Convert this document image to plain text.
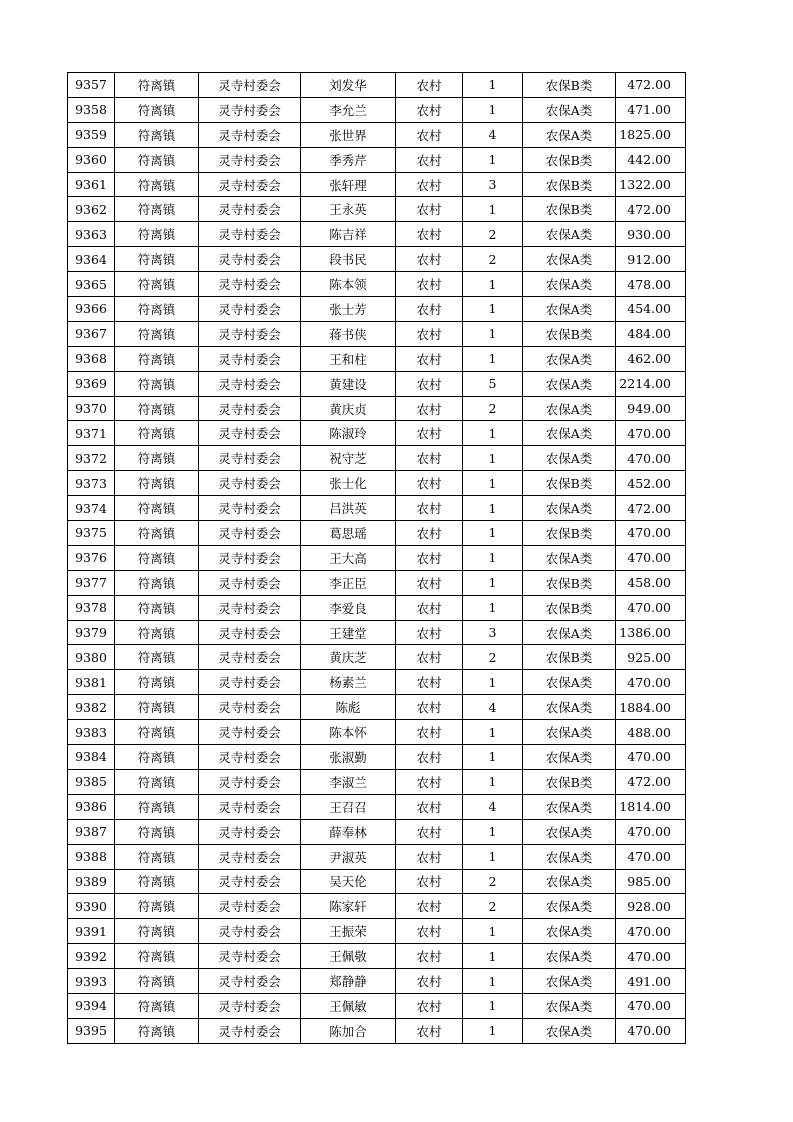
9357	符离镇	灵寺村委会	刘发华	农村	1	农保B类	472.00
9358	符离镇	灵寺村委会	李允兰	农村	1	农保A类	471.00
9359	符离镇	灵寺村委会	张世界	农村	4	农保A类	1825.00
9360	符离镇	灵寺村委会	季秀芹	农村	1	农保B类	442.00
9361	符离镇	灵寺村委会	张轩理	农村	3	农保B类	1322.00
9362	符离镇	灵寺村委会	王永英	农村	1	农保B类	472.00
9363	符离镇	灵寺村委会	陈吉祥	农村	2	农保A类	930.00
9364	符离镇	灵寺村委会	段书民	农村	2	农保A类	912.00
9365	符离镇	灵寺村委会	陈本领	农村	1	农保A类	478.00
9366	符离镇	灵寺村委会	张士芳	农村	1	农保A类	454.00
9367	符离镇	灵寺村委会	蒋书侠	农村	1	农保B类	484.00
9368	符离镇	灵寺村委会	王和柱	农村	1	农保A类	462.00
9369	符离镇	灵寺村委会	黄建设	农村	5	农保A类	2214.00
9370	符离镇	灵寺村委会	黄庆贞	农村	2	农保A类	949.00
9371	符离镇	灵寺村委会	陈淑玲	农村	1	农保A类	470.00
9372	符离镇	灵寺村委会	祝守芝	农村	1	农保A类	470.00
9373	符离镇	灵寺村委会	张士化	农村	1	农保B类	452.00
9374	符离镇	灵寺村委会	吕洪英	农村	1	农保A类	472.00
9375	符离镇	灵寺村委会	葛思瑶	农村	1	农保B类	470.00
9376	符离镇	灵寺村委会	王大高	农村	1	农保A类	470.00
9377	符离镇	灵寺村委会	李正臣	农村	1	农保B类	458.00
9378	符离镇	灵寺村委会	李爱良	农村	1	农保B类	470.00
9379	符离镇	灵寺村委会	王建堂	农村	3	农保A类	1386.00
9380	符离镇	灵寺村委会	黄庆芝	农村	2	农保B类	925.00
9381	符离镇	灵寺村委会	杨素兰	农村	1	农保A类	470.00
9382	符离镇	灵寺村委会	陈彪	农村	4	农保A类	1884.00
9383	符离镇	灵寺村委会	陈本怀	农村	1	农保A类	488.00
9384	符离镇	灵寺村委会	张淑勤	农村	1	农保A类	470.00
9385	符离镇	灵寺村委会	李淑兰	农村	1	农保B类	472.00
9386	符离镇	灵寺村委会	王召召	农村	4	农保A类	1814.00
9387	符离镇	灵寺村委会	薛奉林	农村	1	农保A类	470.00
9388	符离镇	灵寺村委会	尹淑英	农村	1	农保A类	470.00
9389	符离镇	灵寺村委会	吴天伦	农村	2	农保A类	985.00
9390	符离镇	灵寺村委会	陈家轩	农村	2	农保A类	928.00
9391	符离镇	灵寺村委会	王振荣	农村	1	农保A类	470.00
9392	符离镇	灵寺村委会	王佩敬	农村	1	农保A类	470.00
9393	符离镇	灵寺村委会	郑静静	农村	1	农保A类	491.00
9394	符离镇	灵寺村委会	王佩敏	农村	1	农保A类	470.00
9395	符离镇	灵寺村委会	陈加合	农村	1	农保A类	470.00
